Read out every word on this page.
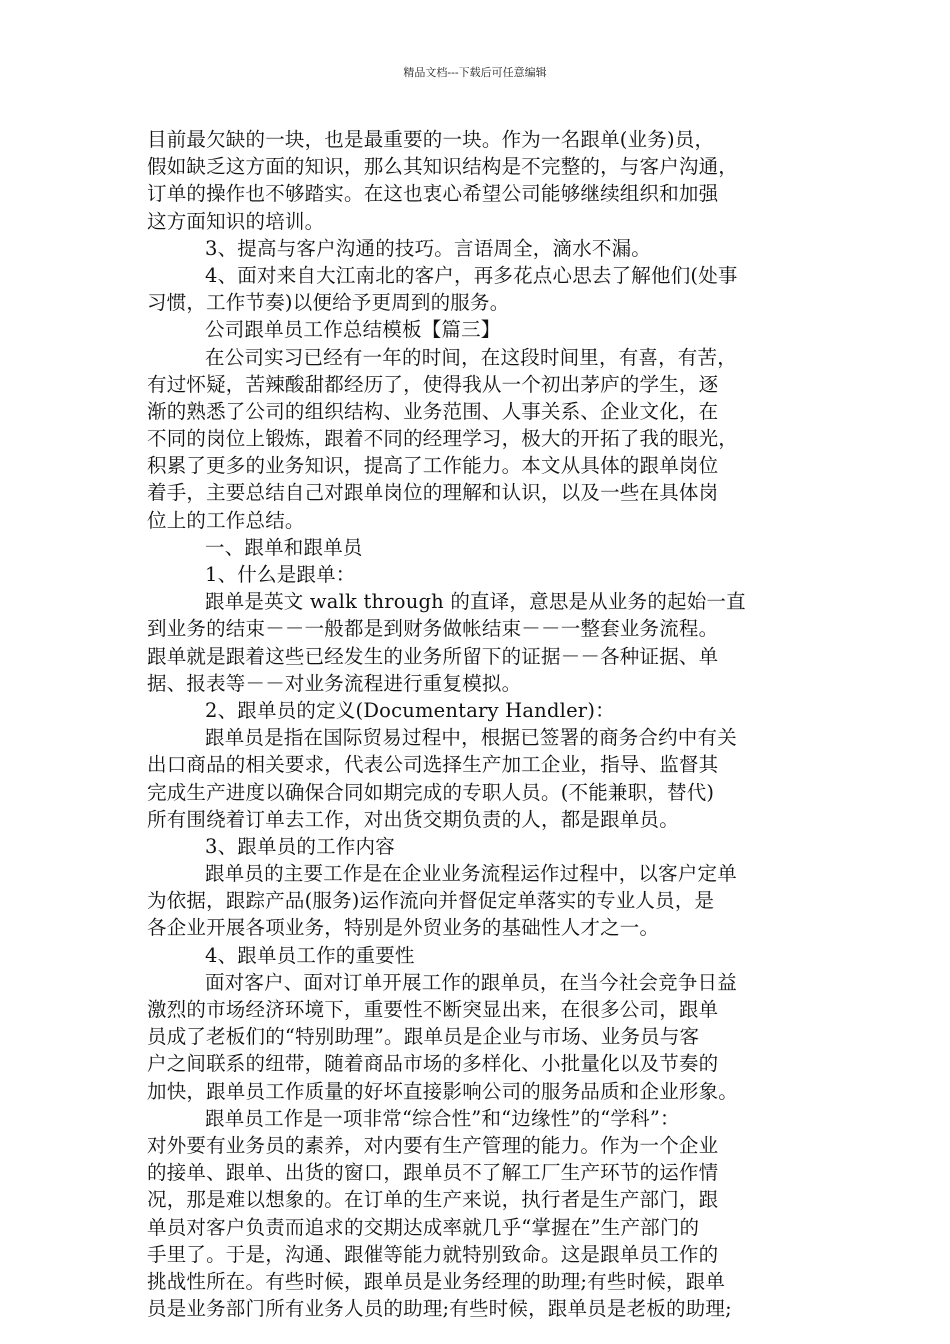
精品文档---下载后可任意编辑
目前最欠缺的一块，也是最重要的一块。作为一名跟单(业务)员，
假如缺乏这方面的知识，那么其知识结构是不完整的，与客户沟通，
订单的操作也不够踏实。在这也衷心希望公司能够继续组织和加强
这方面知识的培训。
3、提高与客户沟通的技巧。言语周全，滴水不漏。
4、面对来自大江南北的客户，再多花点心思去了解他们(处事
习惯，工作节奏)以便给予更周到的服务。
公司跟单员工作总结模板【篇三】
在公司实习已经有一年的时间，在这段时间里，有喜，有苦，
有过怀疑，苦辣酸甜都经历了，使得我从一个初出茅庐的学生，逐
渐的熟悉了公司的组织结构、业务范围、人事关系、企业文化，在
不同的岗位上锻炼，跟着不同的经理学习，极大的开拓了我的眼光，
积累了更多的业务知识，提高了工作能力。本文从具体的跟单岗位
着手，主要总结自己对跟单岗位的理解和认识，以及一些在具体岗
位上的工作总结。
一、跟单和跟单员
1、什么是跟单：
跟单是英文 walk through 的直译，意思是从业务的起始一直
到业务的结束－－一般都是到财务做帐结束－－一整套业务流程。
跟单就是跟着这些已经发生的业务所留下的证据－－各种证据、单
据、报表等－－对业务流程进行重复模拟。
2、跟单员的定义(Documentary Handler)：
跟单员是指在国际贸易过程中，根据已签署的商务合约中有关
出口商品的相关要求，代表公司选择生产加工企业，指导、监督其
完成生产进度以确保合同如期完成的专职人员。(不能兼职，替代)
所有围绕着订单去工作，对出货交期负责的人，都是跟单员。
3、跟单员的工作内容
跟单员的主要工作是在企业业务流程运作过程中，以客户定单
为依据，跟踪产品(服务)运作流向并督促定单落实的专业人员，是
各企业开展各项业务，特别是外贸业务的基础性人才之一。
4、跟单员工作的重要性
面对客户、面对订单开展工作的跟单员，在当今社会竞争日益
激烈的市场经济环境下，重要性不断突显出来，在很多公司，跟单
员成了老板们的“特别助理”。跟单员是企业与市场、业务员与客
户之间联系的纽带，随着商品市场的多样化、小批量化以及节奏的
加快，跟单员工作质量的好坏直接影响公司的服务品质和企业形象。
跟单员工作是一项非常“综合性”和“边缘性”的“学科”：
对外要有业务员的素养，对内要有生产管理的能力。作为一个企业
的接单、跟单、出货的窗口，跟单员不了解工厂生产环节的运作情
况，那是难以想象的。在订单的生产来说，执行者是生产部门，跟
单员对客户负责而追求的交期达成率就几乎“掌握在”生产部门的
手里了。于是，沟通、跟催等能力就特别致命。这是跟单员工作的
挑战性所在。有些时候，跟单员是业务经理的助理;有些时候，跟单
员是业务部门所有业务人员的助理;有些时候，跟单员是老板的助理;
